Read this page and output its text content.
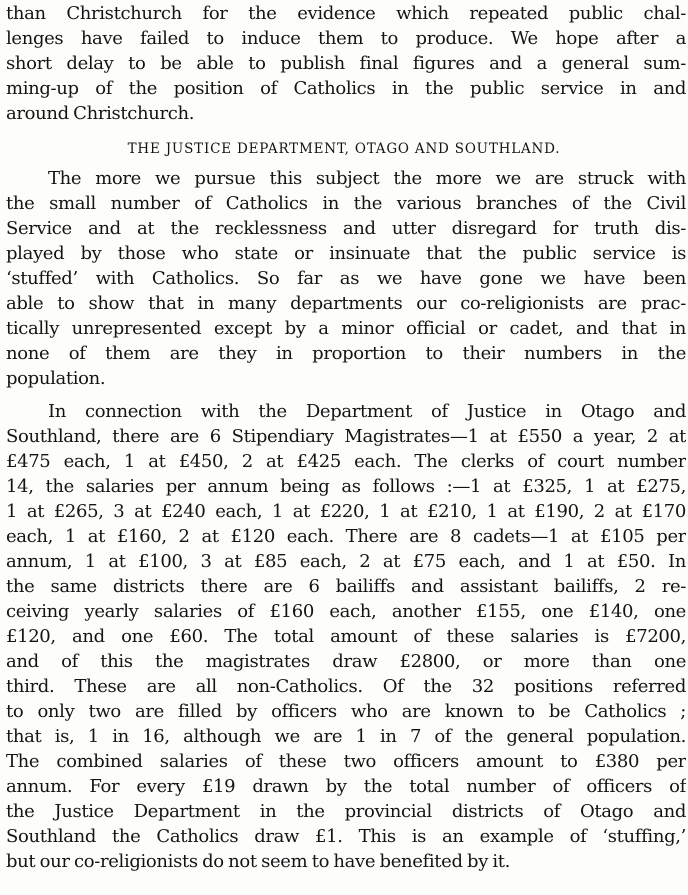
than Christchurch for the evidence which repeated public chal-
lenges have failed to induce them to produce. We hope after a
short delay to be able to publish final figures and a general sum-
ming-up of the position of Catholics in the public service in and
around Christchurch.
THE JUSTICE DEPARTMENT, OTAGO AND SOUTHLAND.
The more we pursue this subject the more we are struck with
the small number of Catholics in the various branches of the Civil
Service and at the recklessness and utter disregard for truth dis-
played by those who state or insinuate that the public service is
‘stuffed’ with Catholics. So far as we have gone we have been
able to show that in many departments our co-religionists are prac-
tically unrepresented except by a minor official or cadet, and that in
none of them are they in proportion to their numbers in the
population.
In connection with the Department of Justice in Otago and
Southland, there are 6 Stipendiary Magistrates—1 at £550 a year, 2 at
£475 each, 1 at £450, 2 at £425 each. The clerks of court number
14, the salaries per annum being as follows :—1 at £325, 1 at £275,
1 at £265, 3 at £240 each, 1 at £220, 1 at £210, 1 at £190, 2 at £170
each, 1 at £160, 2 at £120 each. There are 8 cadets—1 at £105 per
annum, 1 at £100, 3 at £85 each, 2 at £75 each, and 1 at £50. In
the same districts there are 6 bailiffs and assistant bailiffs, 2 re-
ceiving yearly salaries of £160 each, another £155, one £140, one
£120, and one £60. The total amount of these salaries is £7200,
and of this the magistrates draw £2800, or more than one
third. These are all non-Catholics. Of the 32 positions referred
to only two are filled by officers who are known to be Catholics ;
that is, 1 in 16, although we are 1 in 7 of the general population.
The combined salaries of these two officers amount to £380 per
annum. For every £19 drawn by the total number of officers of
the Justice Department in the provincial districts of Otago and
Southland the Catholics draw £1. This is an example of ‘stuffing,’
but our co-religionists do not seem to have benefited by it.
